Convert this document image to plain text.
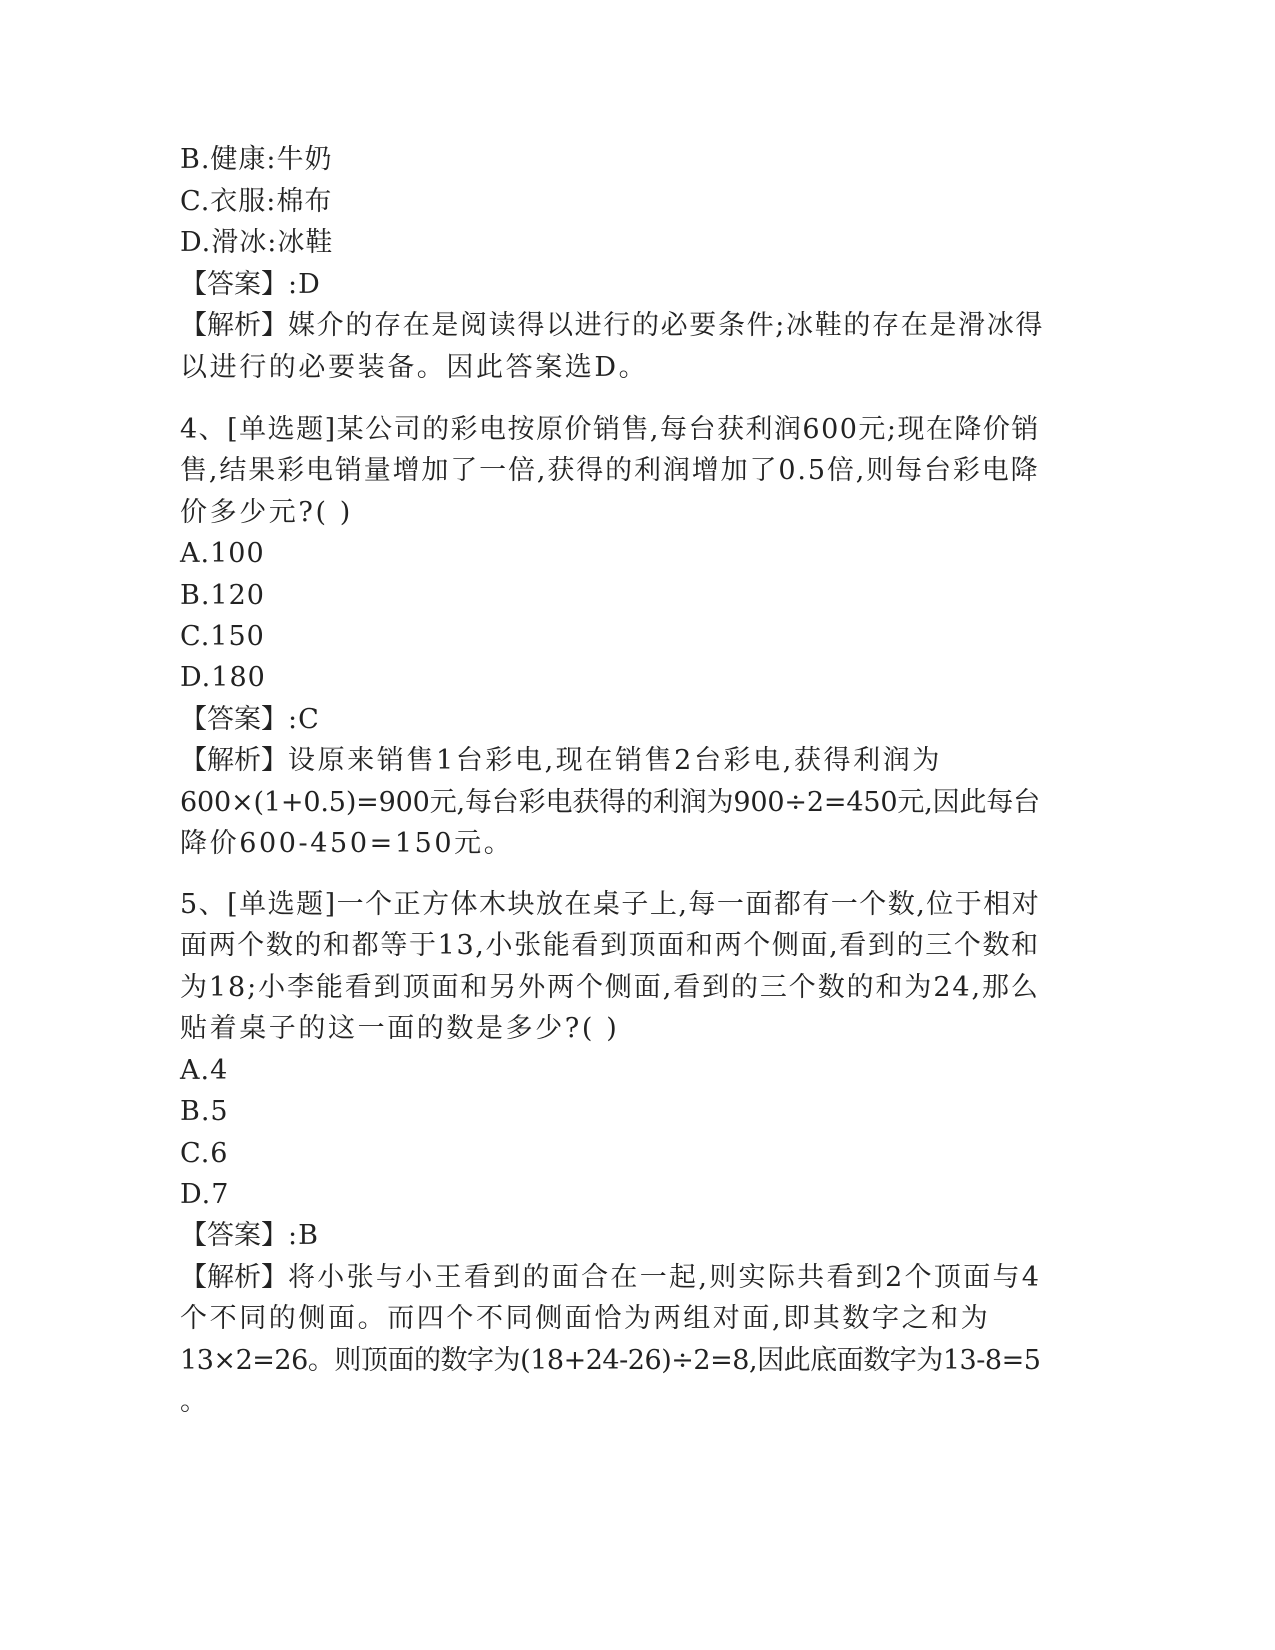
B.健康:牛奶

C.衣服:棉布

D.滑冰:冰鞋

【答案】:D

【解析】媒介的存在是阅读得以进行的必要条件;冰鞋的存在是滑冰得

以进行的必要装备。因此答案选D。

4、[单选题]某公司的彩电按原价销售,每台获利润600元;现在降价销

售,结果彩电销量增加了一倍,获得的利润增加了0.5倍,则每台彩电降

价多少元?( )

A.100

B.120

C.150

D.180

【答案】:C

【解析】设原来销售1台彩电,现在销售2台彩电,获得利润为

600×(1+0.5)=900元,每台彩电获得的利润为900÷2=450元,因此每台

降价600-450=150元。

5、[单选题]一个正方体木块放在桌子上,每一面都有一个数,位于相对

面两个数的和都等于13,小张能看到顶面和两个侧面,看到的三个数和

为18;小李能看到顶面和另外两个侧面,看到的三个数的和为24,那么

贴着桌子的这一面的数是多少?( )

A.4

B.5

C.6

D.7

【答案】:B

【解析】将小张与小王看到的面合在一起,则实际共看到2个顶面与4

个不同的侧面。而四个不同侧面恰为两组对面,即其数字之和为

13×2=26。则顶面的数字为(18+24-26)÷2=8,因此底面数字为13-8=5

。
